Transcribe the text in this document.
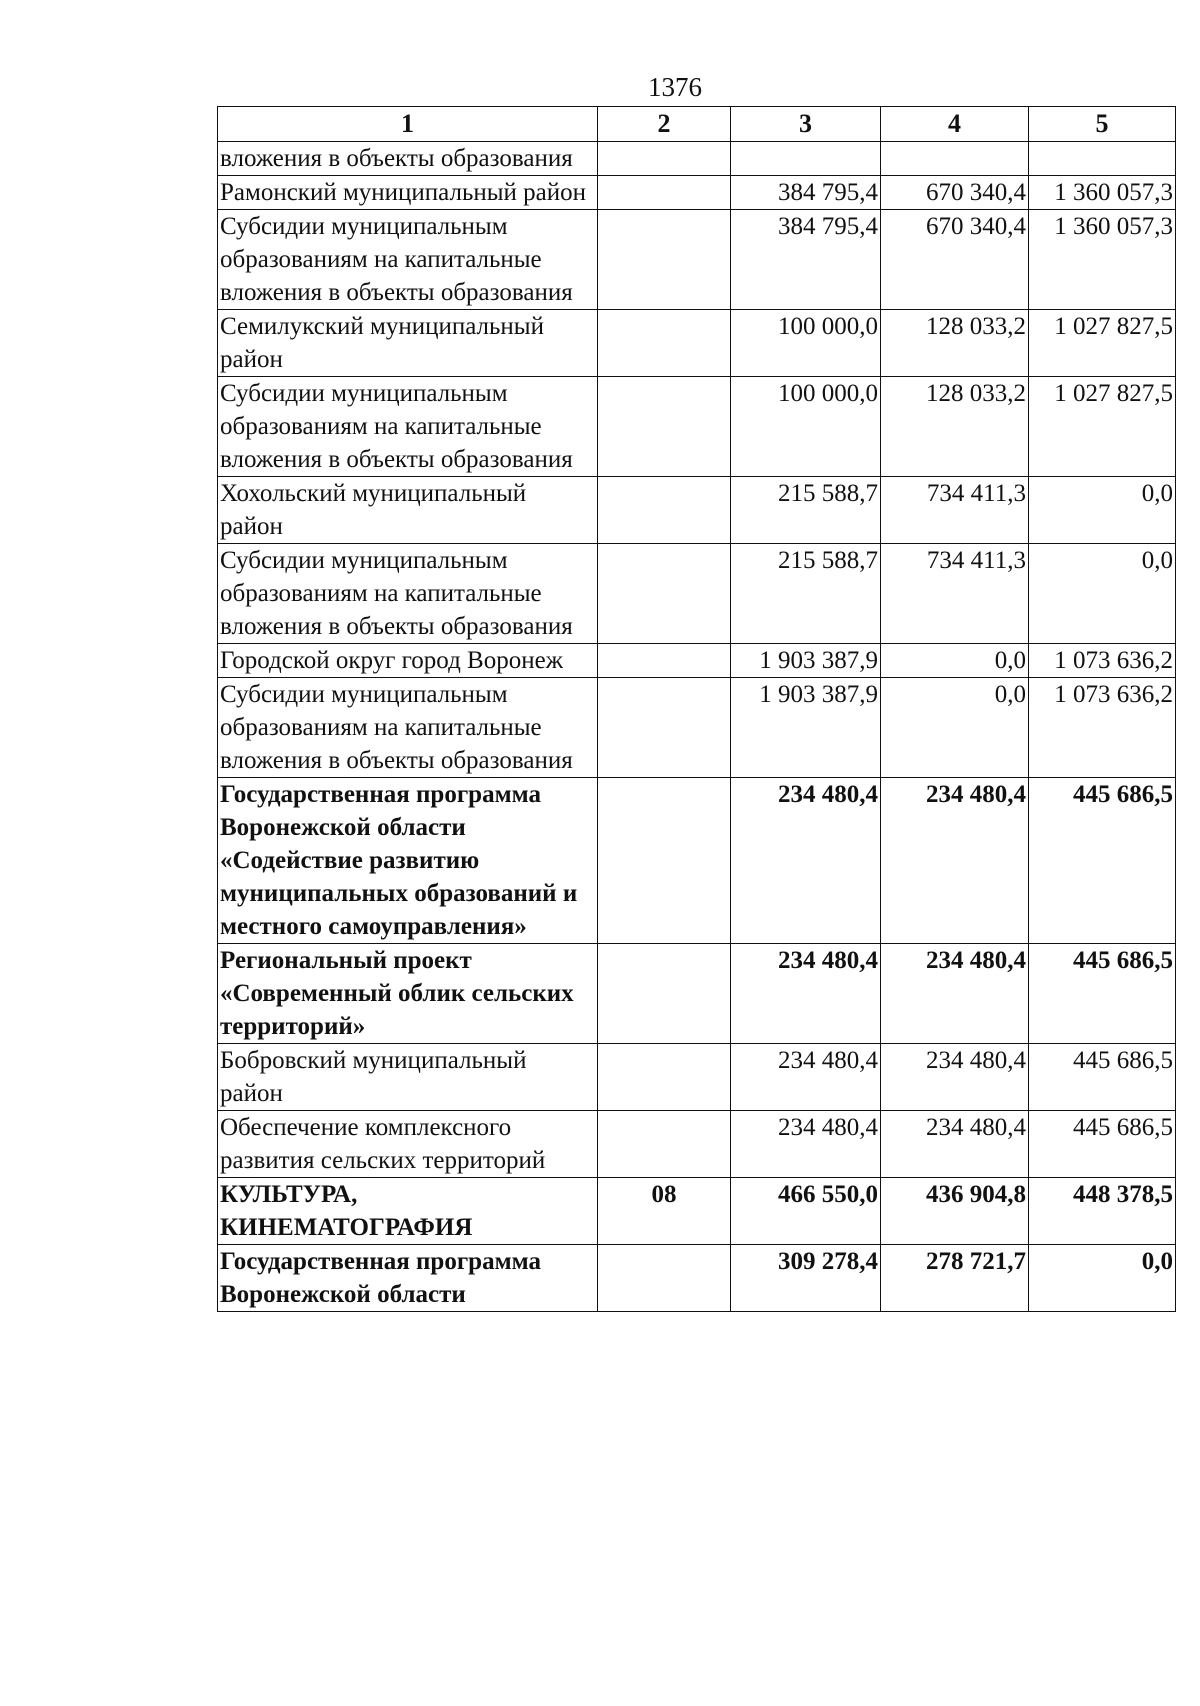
1376
1	2	3	4	5
вложения в объекты образования				
Рамонский муниципальный район		384 795,4	670 340,4	1 360 057,3
Субсидии муниципальным образованиям на капитальные вложения в объекты образования		384 795,4	670 340,4	1 360 057,3
Семилукский муниципальный район		100 000,0	128 033,2	1 027 827,5
Субсидии муниципальным образованиям на капитальные вложения в объекты образования		100 000,0	128 033,2	1 027 827,5
Хохольский муниципальный район		215 588,7	734 411,3	0,0
Субсидии муниципальным образованиям на капитальные вложения в объекты образования		215 588,7	734 411,3	0,0
Городской округ город Воронеж		1 903 387,9	0,0	1 073 636,2
Субсидии муниципальным образованиям на капитальные вложения в объекты образования		1 903 387,9	0,0	1 073 636,2
Государственная программа Воронежской области «Содействие развитию муниципальных образований и местного самоуправления»		234 480,4	234 480,4	445 686,5
Региональный проект «Современный облик сельских территорий»		234 480,4	234 480,4	445 686,5
Бобровский муниципальный район		234 480,4	234 480,4	445 686,5
Обеспечение комплексного развития сельских территорий		234 480,4	234 480,4	445 686,5
КУЛЬТУРА, КИНЕМАТОГРАФИЯ	08	466 550,0	436 904,8	448 378,5
Государственная программа Воронежской области		309 278,4	278 721,7	0,0
